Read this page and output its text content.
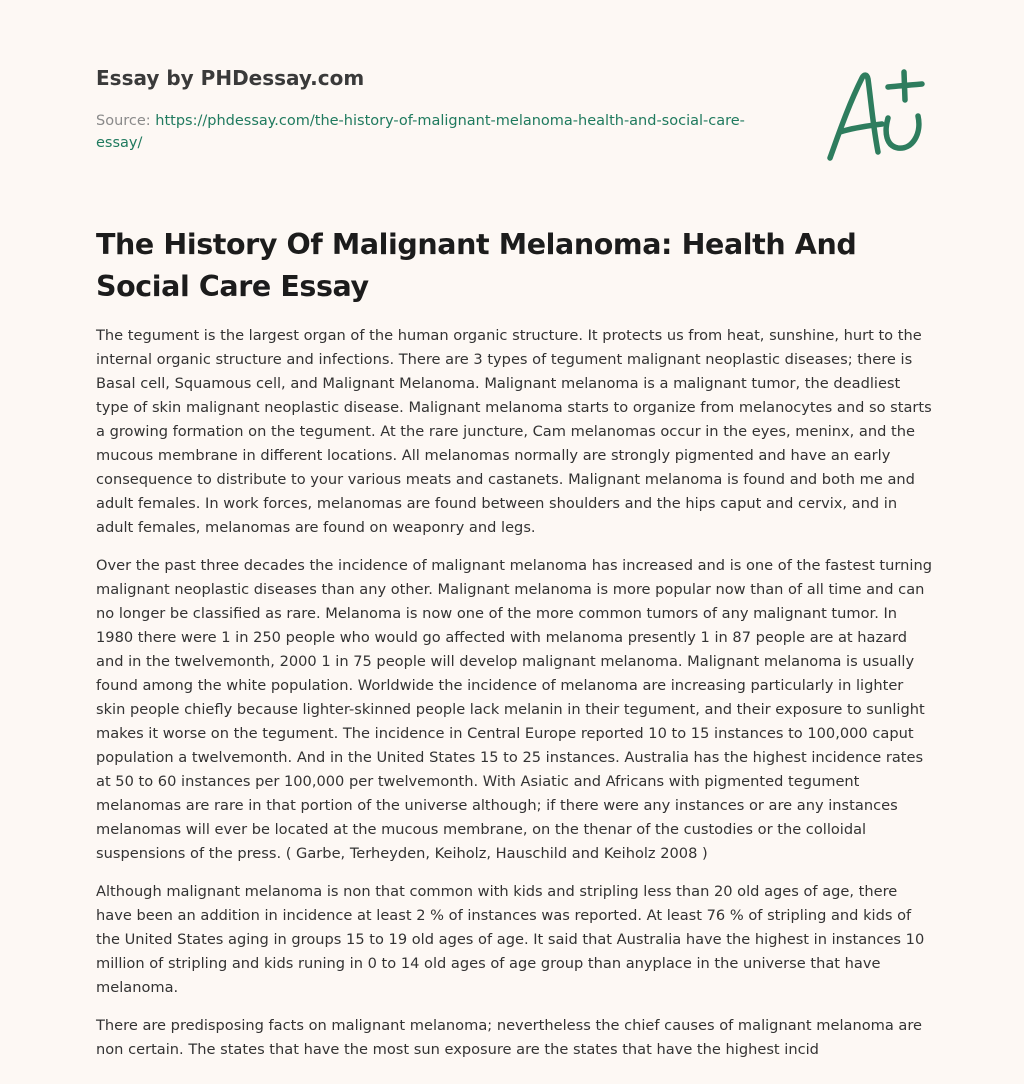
Essay by PHDessay.com
Source: https://phdessay.com/the-history-of-malignant-melanoma-health-and-social-care-essay/
The History Of Malignant Melanoma: Health And Social Care Essay

The tegument is the largest organ of the human organic structure. It protects us from heat, sunshine, hurt to the internal organic structure and infections. There are 3 types of tegument malignant neoplastic diseases; there is Basal cell, Squamous cell, and Malignant Melanoma. Malignant melanoma is a malignant tumor, the deadliest type of skin malignant neoplastic disease. Malignant melanoma starts to organize from melanocytes and so starts a growing formation on the tegument. At the rare juncture, Cam melanomas occur in the eyes, meninx, and the mucous membrane in different locations. All melanomas normally are strongly pigmented and have an early consequence to distribute to your various meats and castanets. Malignant melanoma is found and both me and adult females. In work forces, melanomas are found between shoulders and the hips caput and cervix, and in adult females, melanomas are found on weaponry and legs.

Over the past three decades the incidence of malignant melanoma has increased and is one of the fastest turning malignant neoplastic diseases than any other. Malignant melanoma is more popular now than of all time and can no longer be classified as rare. Melanoma is now one of the more common tumors of any malignant tumor. In 1980 there were 1 in 250 people who would go affected with melanoma presently 1 in 87 people are at hazard and in the twelvemonth, 2000 1 in 75 people will develop malignant melanoma. Malignant melanoma is usually found among the white population. Worldwide the incidence of melanoma are increasing particularly in lighter skin people chiefly because lighter-skinned people lack melanin in their tegument, and their exposure to sunlight makes it worse on the tegument. The incidence in Central Europe reported 10 to 15 instances to 100,000 caput population a twelvemonth. And in the United States 15 to 25 instances. Australia has the highest incidence rates at 50 to 60 instances per 100,000 per twelvemonth. With Asiatic and Africans with pigmented tegument melanomas are rare in that portion of the universe although; if there were any instances or are any instances melanomas will ever be located at the mucous membrane, on the thenar of the custodies or the colloidal suspensions of the press. ( Garbe, Terheyden, Keiholz, Hauschild and Keiholz 2008 )

Although malignant melanoma is non that common with kids and stripling less than 20 old ages of age, there have been an addition in incidence at least 2 % of instances was reported. At least 76 % of stripling and kids of the United States aging in groups 15 to 19 old ages of age. It said that Australia have the highest in instances 10 million of stripling and kids runing in 0 to 14 old ages of age group than anyplace in the universe that have melanoma.

There are predisposing facts on malignant melanoma; nevertheless the chief causes of malignant melanoma are non certain. The states that have the most sun exposure are the states that have the highest incid
